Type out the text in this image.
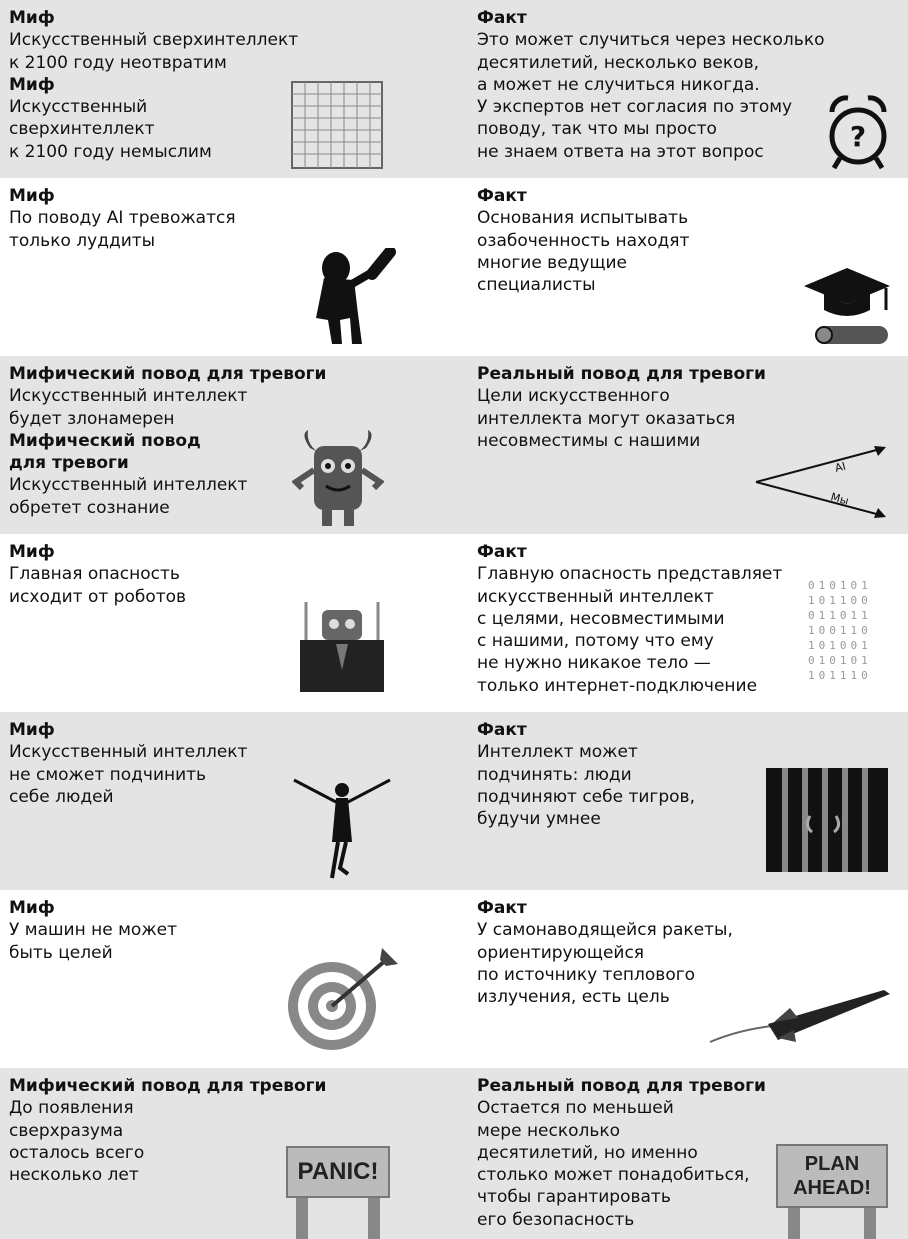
Миф
Искусственный сверхинтеллект
к 2100 году неотвратим
Миф
Искусственный
сверхинтеллект
к 2100 году немыслим
Факт
Это может случиться через несколько
десятилетий, несколько веков,
а может не случиться никогда.
У экспертов нет согласия по этому
поводу, так что мы просто
не знаем ответа на этот вопрос	?
Миф
По поводу AI тревожатся
только луддиты
Факт
Основания испытывать
озабоченность находят
многие ведущие
специалисты
Мифический повод для тревоги
Искусственный интеллект
будет злонамерен
Мифический повод
для тревоги
Искусственный интеллект
обретет сознание
Реальный повод для тревоги
Цели искусственного
интеллекта могут оказаться
несовместимы с нашими
AI
Мы
Миф
Главная опасность
исходит от роботов
Факт
Главную опасность представляет
искусственный интеллект
с целями, несовместимыми
с нашими, потому что ему
не нужно никакое тело —
только интернет-подключение
0
1
0
1
1
0
1
1
0
1
0
0
1
0
0
1
1
0
1
0
1
1
1
0
1
0
1
1
0
0
1
1
0
0
1
1
0
1
0
1
1
0
Миф
Искусственный интеллект
не сможет подчинить
себе людей
Факт
Интеллект может
подчинять: люди
подчиняют себе тигров,
будучи умнее
Миф
У машин не может
быть целей
Факт
У самонаводящейся ракеты,
ориентирующейся
по источнику теплового
излучения, есть цель
Мифический повод для тревоги
До появления
сверхразума
осталось всего
несколько лет	PANIC!
Реальный повод для тревоги
Остается по меньшей
мере несколько
десятилетий, но именно
столько может понадобиться,
чтобы гарантировать
его безопасность
PLAN
AHEAD!
